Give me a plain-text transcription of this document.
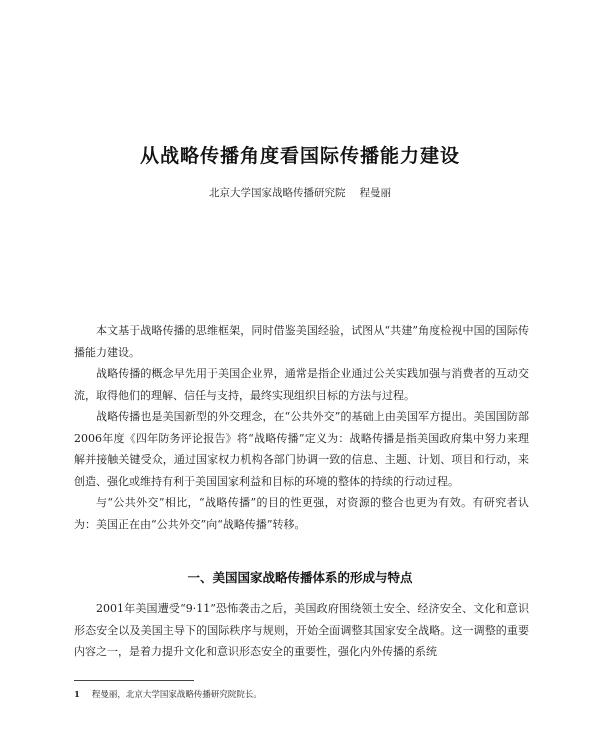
从战略传播角度看国际传播能力建设
北京大学国家战略传播研究院 程曼丽

本文基于战略传播的思维框架，同时借鉴美国经验，试图从“共建”角度检视中国的国际传播能力建设。

战略传播的概念早先用于美国企业界，通常是指企业通过公关实践加强与消费者的互动交流，取得他们的理解、信任与支持，最终实现组织目标的方法与过程。

战略传播也是美国新型的外交理念，在“公共外交”的基础上由美国军方提出。美国国防部2006年度《四年防务评论报告》将“战略传播”定义为：战略传播是指美国政府集中努力来理解并接触关键受众，通过国家权力机构各部门协调一致的信息、主题、计划、项目和行动，来创造、强化或维持有利于美国国家利益和目标的环境的整体的持续的行动过程。

与“公共外交”相比，“战略传播”的目的性更强，对资源的整合也更为有效。有研究者认为：美国正在由“公共外交”向“战略传播”转移。

一、美国国家战略传播体系的形成与特点

2001年美国遭受“9·11”恐怖袭击之后，美国政府围绕领土安全、经济安全、文化和意识形态安全以及美国主导下的国际秩序与规则，开始全面调整其国家安全战略。这一调整的重要内容之一，是着力提升文化和意识形态安全的重要性，强化内外传播的系统

1 程曼丽，北京大学国家战略传播研究院院长。
